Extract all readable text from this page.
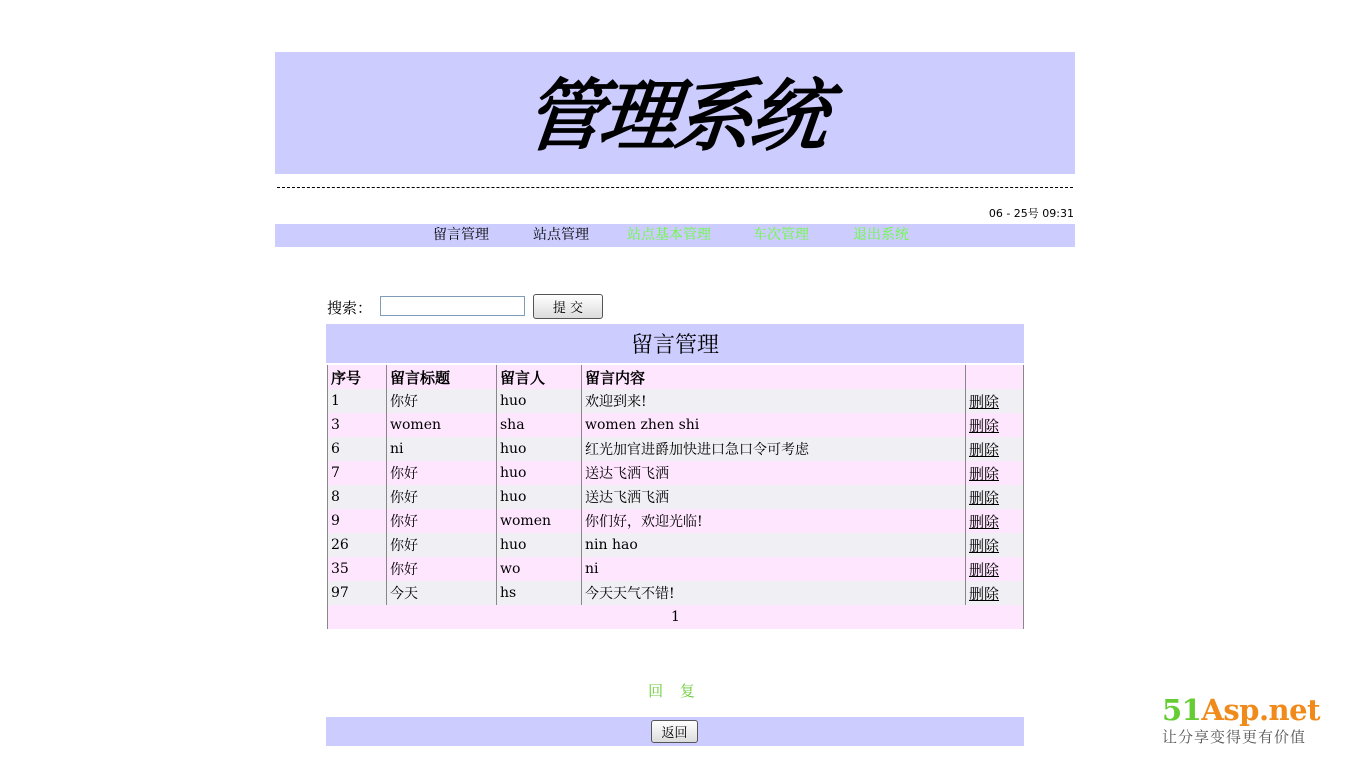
管理系统
06 - 25号 09:31
留言管理	站点管理	站点基本管理	车次管理	退出系统
搜索：	提 交
留言管理
序号	留言标题	留言人	留言内容	
1	你好	huo	欢迎到来!	删除
3	women	sha	women zhen shi	删除
6	ni	huo	红光加官进爵加快进口急口令可考虑	删除
7	你好	huo	送达飞洒飞洒	删除
8	你好	huo	送达飞洒飞洒	删除
9	你好	women	你们好，欢迎光临!	删除
26	你好	huo	nin hao	删除
35	你好	wo	ni	删除
97	今天	hs	今天天气不错!	删除
1				
回 复
返回
51Asp.net
让分享变得更有价值
